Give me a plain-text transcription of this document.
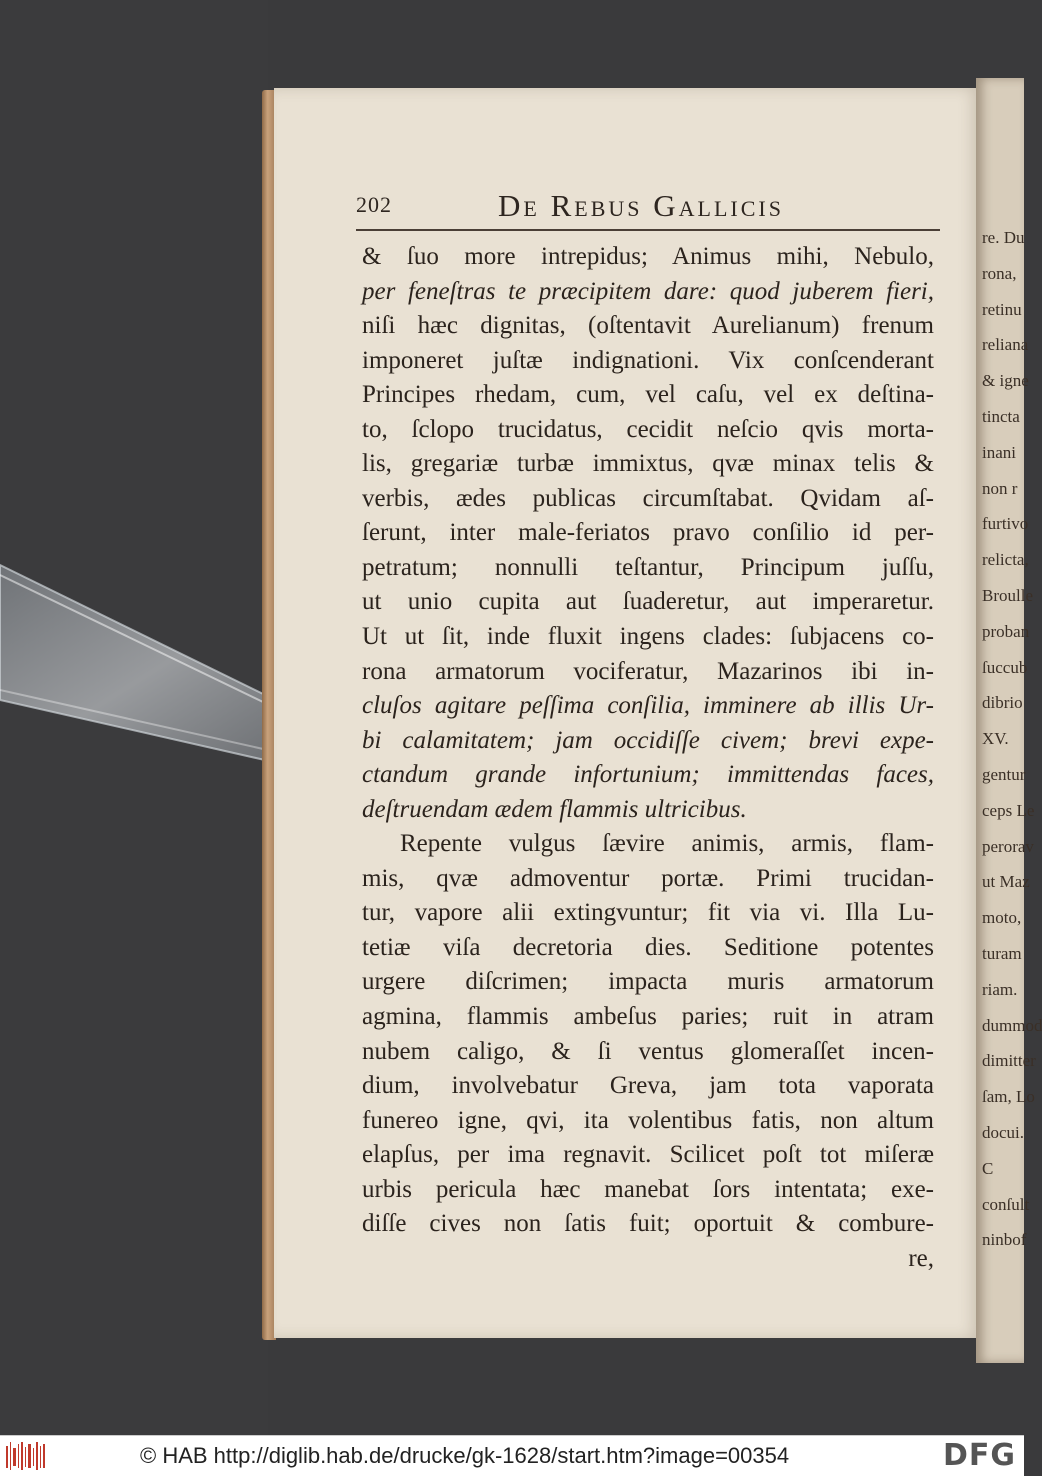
re. Du
rona,
retinu
reliana
& igne
tincta
inani
non r
furtivo
relicta,
Broulle
proban
ſuccub
dibrio
XV.
gentur
ceps Le
perorav
ut Maz
moto,
turam
riam.
dummod
dimitter
ſam, Lo
docui.
C
conſult
ninbof
202	De Rebus Gallicis
& ſuo more intrepidus; Animus mihi, Nebulo,
per feneſtras te præcipitem dare: quod juberem fieri,
niſi hæc dignitas, (oſtentavit Aurelianum) frenum
imponeret juſtæ indignationi. Vix conſcenderant
Principes rhedam, cum, vel caſu, vel ex deſtina-
to, ſclopo trucidatus, cecidit neſcio qvis morta-
lis, gregariæ turbæ immixtus, qvæ minax telis &
verbis, ædes publicas circumſtabat. Qvidam aſ-
ſerunt, inter male-feriatos pravo conſilio id per-
petratum; nonnulli teſtantur, Principum juſſu,
ut unio cupita aut ſuaderetur, aut imperaretur.
Ut ut ſit, inde fluxit ingens clades: ſubjacens co-
rona armatorum vociferatur, Mazarinos ibi in-
cluſos agitare peſſima conſilia, imminere ab illis Ur-
bi calamitatem; jam occidiſſe civem; brevi expe-
ctandum grande infortunium; immittendas faces,
deſtruendam ædem flammis ultricibus.
Repente vulgus ſævire animis, armis, flam-
mis, qvæ admoventur portæ. Primi trucidan-
tur, vapore alii extingvuntur; fit via vi. Illa Lu-
tetiæ viſa decretoria dies. Seditione potentes
urgere diſcrimen; impacta muris armatorum
agmina, flammis ambeſus paries; ruit in atram
nubem caligo, & ſi ventus glomeraſſet incen-
dium, involvebatur Greva, jam tota vaporata
funereo igne, qvi, ita volentibus fatis, non altum
elapſus, per ima regnavit. Scilicet poſt tot miſeræ
urbis pericula hæc manebat ſors intentata; exe-
diſſe cives non ſatis fuit; oportuit & combure-
re,
© HAB http://diglib.hab.de/drucke/gk-1628/start.htm?image=00354	DFG
